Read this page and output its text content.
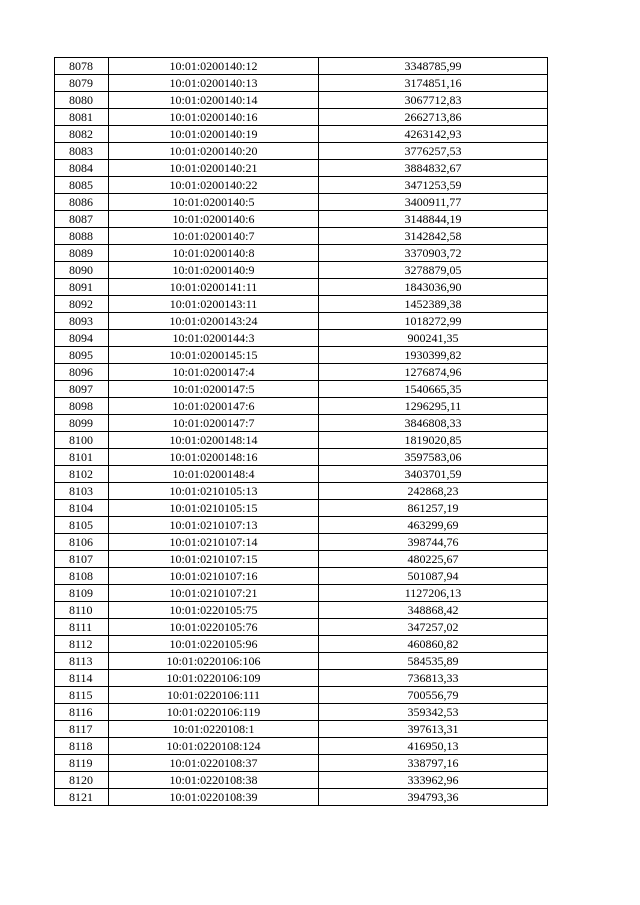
8078	10:01:0200140:12	3348785,99
8079	10:01:0200140:13	3174851,16
8080	10:01:0200140:14	3067712,83
8081	10:01:0200140:16	2662713,86
8082	10:01:0200140:19	4263142,93
8083	10:01:0200140:20	3776257,53
8084	10:01:0200140:21	3884832,67
8085	10:01:0200140:22	3471253,59
8086	10:01:0200140:5	3400911,77
8087	10:01:0200140:6	3148844,19
8088	10:01:0200140:7	3142842,58
8089	10:01:0200140:8	3370903,72
8090	10:01:0200140:9	3278879,05
8091	10:01:0200141:11	1843036,90
8092	10:01:0200143:11	1452389,38
8093	10:01:0200143:24	1018272,99
8094	10:01:0200144:3	900241,35
8095	10:01:0200145:15	1930399,82
8096	10:01:0200147:4	1276874,96
8097	10:01:0200147:5	1540665,35
8098	10:01:0200147:6	1296295,11
8099	10:01:0200147:7	3846808,33
8100	10:01:0200148:14	1819020,85
8101	10:01:0200148:16	3597583,06
8102	10:01:0200148:4	3403701,59
8103	10:01:0210105:13	242868,23
8104	10:01:0210105:15	861257,19
8105	10:01:0210107:13	463299,69
8106	10:01:0210107:14	398744,76
8107	10:01:0210107:15	480225,67
8108	10:01:0210107:16	501087,94
8109	10:01:0210107:21	1127206,13
8110	10:01:0220105:75	348868,42
8111	10:01:0220105:76	347257,02
8112	10:01:0220105:96	460860,82
8113	10:01:0220106:106	584535,89
8114	10:01:0220106:109	736813,33
8115	10:01:0220106:111	700556,79
8116	10:01:0220106:119	359342,53
8117	10:01:0220108:1	397613,31
8118	10:01:0220108:124	416950,13
8119	10:01:0220108:37	338797,16
8120	10:01:0220108:38	333962,96
8121	10:01:0220108:39	394793,36
